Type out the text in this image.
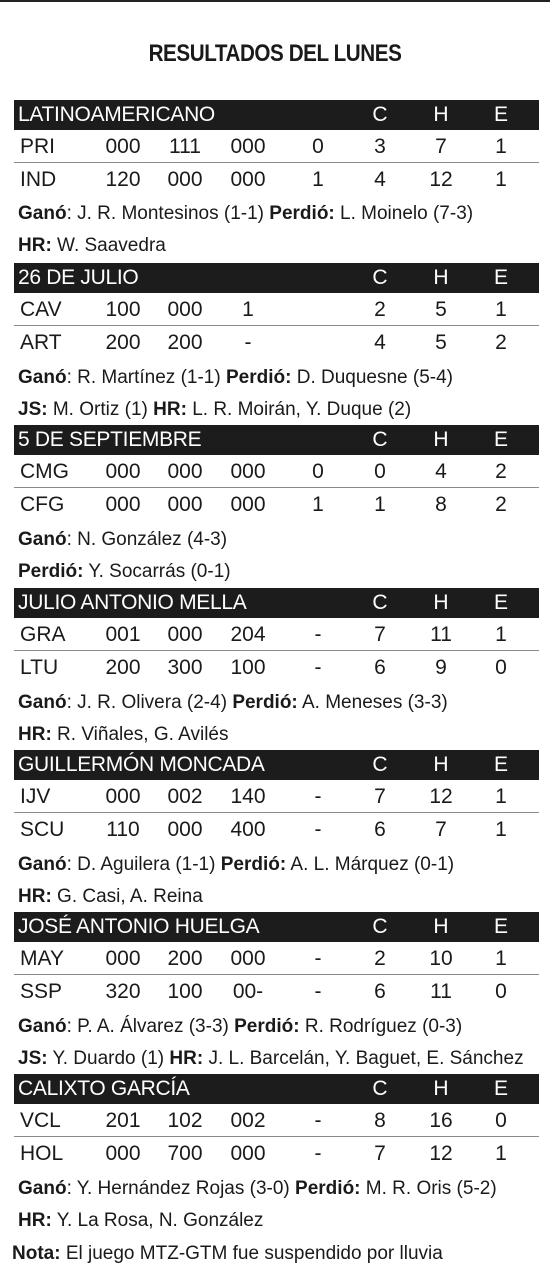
RESULTADOS DEL LUNES
LATINOAMERICANO	C	H	E
PRI	000	111	000	0	3	7	1
IND	120 000 000	1	4	12	1
Ganó: J. R. Montesinos (1-1) Perdió: L. Moinelo (7-3)
HR: W. Saavedra
26 DE JULIO	C	H	E
CAV	100 000	1	2	5	1
ART	200 200	-	4	5	2
Ganó: R. Martínez (1-1) Perdió: D. Duquesne (5-4)
JS: M. Ortiz (1) HR: L. R. Moirán, Y. Duque (2)
5 DE SEPTIEMBRE	C	H	E
CMG 000 000 000	0	0	4	2
CFG 000 000 000	1	1	8	2
Ganó: N. González (4-3)
Perdió: Y. Socarrás (0-1)
JULIO ANTONIO MELLA	C	H	E
GRA 001 000 204	-	7	11	1
LTU	200 300 100	-	6	9	0
Ganó: J. R. Olivera (2-4) Perdió: A. Meneses (3-3)
HR: R. Viñales, G. Avilés
GUILLERMÓN MONCADA	C	H	E
IJV	000 002 140	-	7	12	1
SCU 110 000 400	-	6	7	1
Ganó: D. Aguilera (1-1) Perdió: A. L. Márquez (0-1)
HR: G. Casi, A. Reina
JOSÉ ANTONIO HUELGA	C	H	E
MAY 000 200 000	-	2	10	1
SSP	320 100	00-	-	6	11	0
Ganó: P. A. Álvarez (3-3) Perdió: R. Rodríguez (0-3)
JS: Y. Duardo (1) HR: J. L. Barcelán, Y. Baguet, E. Sánchez
CALIXTO GARCÍA	C	H	E
VCL	201 102 002	-	8	16	0
HOL	000 700 000	-	7	12	1
Ganó: Y. Hernández Rojas (3-0) Perdió: M. R. Oris (5-2)
HR: Y. La Rosa, N. González
Nota: El juego MTZ-GTM fue suspendido por lluvia
